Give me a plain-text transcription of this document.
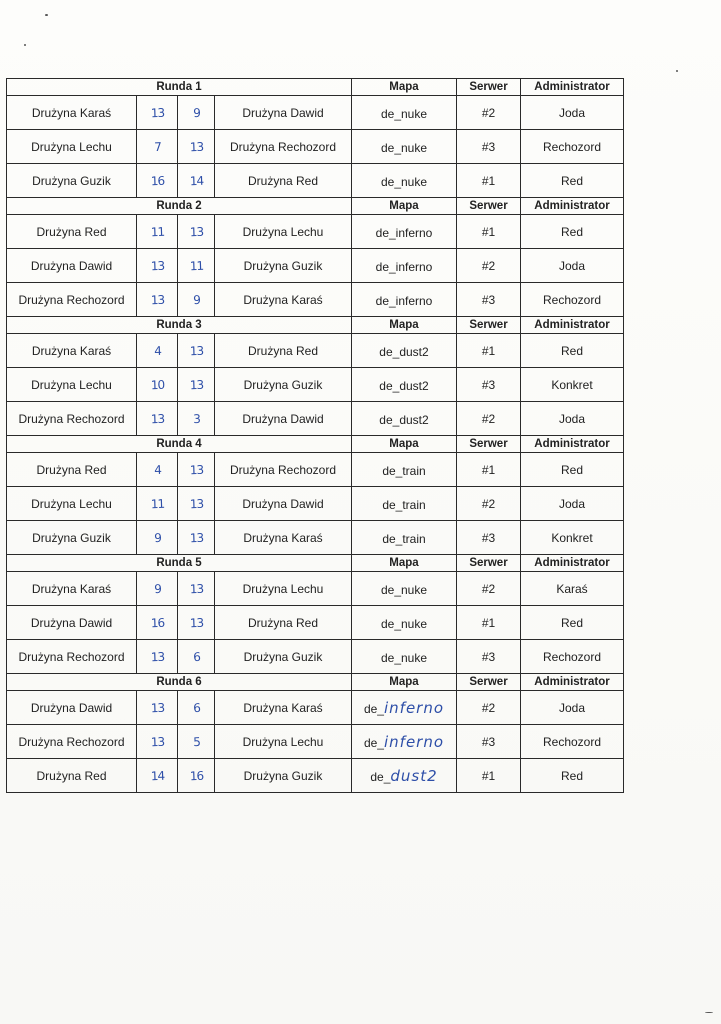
Runda 1				Mapa	Serwer	Administrator
Drużyna Karaś	13	9	Drużyna Dawid	de_nuke	#2	Joda
Drużyna Lechu	7	13	Drużyna Rechozord	de_nuke	#3	Rechozord
Drużyna Guzik	16	14	Drużyna Red	de_nuke	#1	Red
Runda 2				Mapa	Serwer	Administrator
Drużyna Red	11	13	Drużyna Lechu	de_inferno	#1	Red
Drużyna Dawid	13	11	Drużyna Guzik	de_inferno	#2	Joda
Drużyna Rechozord	13	9	Drużyna Karaś	de_inferno	#3	Rechozord
Runda 3				Mapa	Serwer	Administrator
Drużyna Karaś	4	13	Drużyna Red	de_dust2	#1	Red
Drużyna Lechu	10	13	Drużyna Guzik	de_dust2	#3	Konkret
Drużyna Rechozord	13	3	Drużyna Dawid	de_dust2	#2	Joda
Runda 4				Mapa	Serwer	Administrator
Drużyna Red	4	13	Drużyna Rechozord	de_train	#1	Red
Drużyna Lechu	11	13	Drużyna Dawid	de_train	#2	Joda
Drużyna Guzik	9	13	Drużyna Karaś	de_train	#3	Konkret
Runda 5				Mapa	Serwer	Administrator
Drużyna Karaś	9	13	Drużyna Lechu	de_nuke	#2	Karaś
Drużyna Dawid	16	13	Drużyna Red	de_nuke	#1	Red
Drużyna Rechozord	13	6	Drużyna Guzik	de_nuke	#3	Rechozord
Runda 6				Mapa	Serwer	Administrator
Drużyna Dawid	13	6	Drużyna Karaś	de_inferno	#2	Joda
Drużyna Rechozord	13	5	Drużyna Lechu	de_inferno	#3	Rechozord
Drużyna Red	14	16	Drużyna Guzik	de_dust2	#1	Red
